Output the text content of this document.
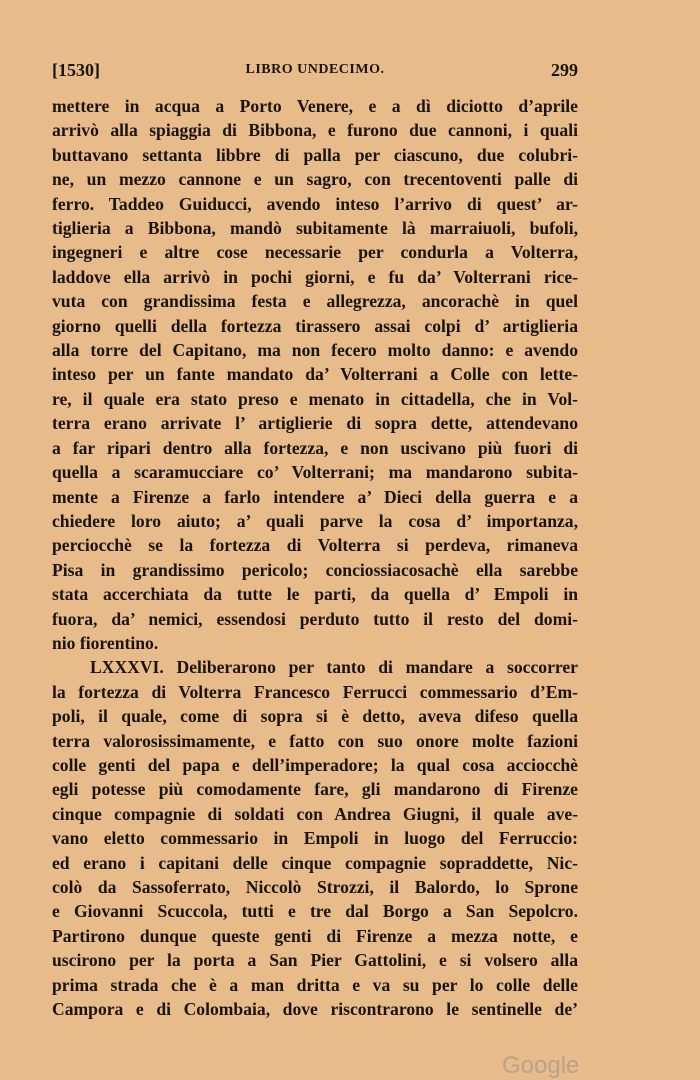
[1530]	LIBRO UNDECIMO.	299
mettere in acqua a Porto Venere, e a dì diciotto d’aprile
arrivò alla spiaggia di Bibbona, e furono due cannoni, i quali
buttavano settanta libbre di palla per ciascuno, due colubri-
ne, un mezzo cannone e un sagro, con trecentoventi palle di
ferro. Taddeo Guiducci, avendo inteso l’arrivo di quest’ ar-
tiglieria a Bibbona, mandò subitamente là marraiuoli, bufoli,
ingegneri e altre cose necessarie per condurla a Volterra,
laddove ella arrivò in pochi giorni, e fu da’ Volterrani rice-
vuta con grandissima festa e allegrezza, ancorachè in quel
giorno quelli della fortezza tirassero assai colpi d’ artiglieria
alla torre del Capitano, ma non fecero molto danno: e avendo
inteso per un fante mandato da’ Volterrani a Colle con lette-
re, il quale era stato preso e menato in cittadella, che in Vol-
terra erano arrivate l’ artiglierie di sopra dette, attendevano
a far ripari dentro alla fortezza, e non uscivano più fuori di
quella a scaramucciare co’ Volterrani; ma mandarono subita-
mente a Firenze a farlo intendere a’ Dieci della guerra e a
chiedere loro aiuto; a’ quali parve la cosa d’ importanza,
perciocchè se la fortezza di Volterra si perdeva, rimaneva
Pisa in grandissimo pericolo; conciossiacosachè ella sarebbe
stata accerchiata da tutte le parti, da quella d’ Empoli in
fuora, da’ nemici, essendosi perduto tutto il resto del domi-
nio fiorentino.
LXXXVI. Deliberarono per tanto di mandare a soccorrer
la fortezza di Volterra Francesco Ferrucci commessario d’Em-
poli, il quale, come di sopra si è detto, aveva difeso quella
terra valorosissimamente, e fatto con suo onore molte fazioni
colle genti del papa e dell’imperadore; la qual cosa acciocchè
egli potesse più comodamente fare, gli mandarono di Firenze
cinque compagnie di soldati con Andrea Giugni, il quale ave-
vano eletto commessario in Empoli in luogo del Ferruccio:
ed erano i capitani delle cinque compagnie sopraddette, Nic-
colò da Sassoferrato, Niccolò Strozzi, il Balordo, lo Sprone
e Giovanni Scuccola, tutti e tre dal Borgo a San Sepolcro.
Partirono dunque queste genti di Firenze a mezza notte, e
uscirono per la porta a San Pier Gattolini, e si volsero alla
prima strada che è a man dritta e va su per lo colle delle
Campora e di Colombaia, dove riscontrarono le sentinelle de’
Google
